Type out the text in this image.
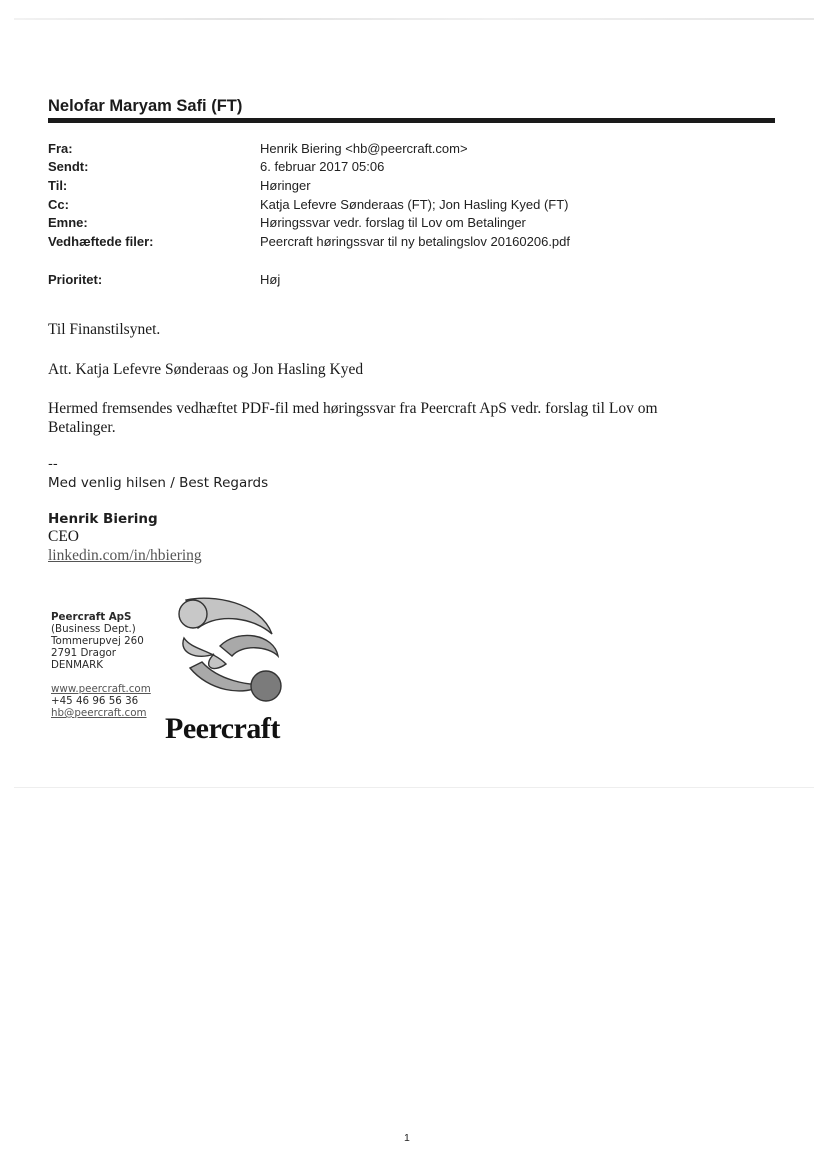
Nelofar Maryam Safi (FT)
Fra:	Henrik Biering <hb@peercraft.com>
Sendt:	6. februar 2017 05:06
Til:	Høringer
Cc:	Katja Lefevre Sønderaas (FT); Jon Hasling Kyed (FT)
Emne:	Høringssvar vedr. forslag til Lov om Betalinger
Vedhæftede filer:	Peercraft høringssvar til ny betalingslov 20160206.pdf
Prioritet:	Høj
Til Finanstilsynet.
Att. Katja Lefevre Sønderaas og Jon Hasling Kyed
Hermed fremsendes vedhæftet PDF-fil med høringssvar fra Peercraft ApS vedr. forslag til Lov om Betalinger.
--
Med venlig hilsen / Best Regards
Henrik Biering
CEO
linkedin.com/in/hbiering
Peercraft ApS
(Business Dept.)
Tommerupvej 260
2791 Dragor
DENMARK
www.peercraft.com
+45 46 96 56 36
hb@peercraft.com Peercraft
1
